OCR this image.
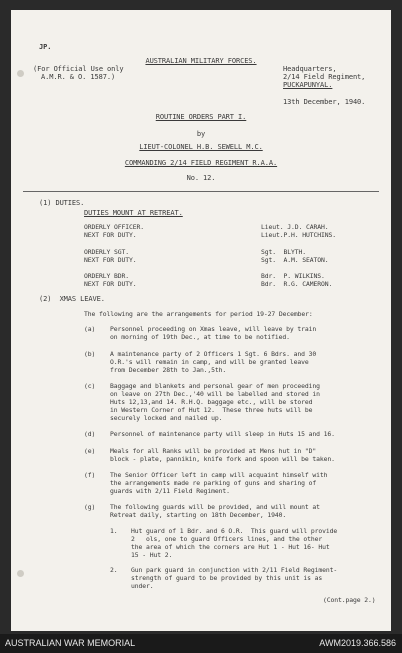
JP.
AUSTRALIAN MILITARY FORCES.
(For Official Use only
A.M.R. & O. 1587.)
Headquarters,
2/14 Field Regiment,
PUCKAPUNYAL.
13th December, 1940.
ROUTINE ORDERS PART I.
by
LIEUT-COLONEL H.B. SEWELL M.C.
COMMANDING 2/14 FIELD REGIMENT R.A.A.
No. 12.
(1) DUTIES.
DUTIES MOUNT AT RETREAT.
ORDERLY OFFICER.	Lieut. J.D. CARAH.
NEXT FOR DUTY.	Lieut.P.H. HUTCHINS.
ORDERLY SGT.	Sgt.  BLYTH.
NEXT FOR DUTY.	Sgt.  A.M. SEATON.
ORDERLY BDR.	Bdr.  P. WILKINS.
NEXT FOR DUTY.	Bdr.  R.G. CAMERON.
(2)  XMAS LEAVE.
The following are the arrangements for period 19-27 December:
(a) Personnel proceeding on Xmas leave, will leave by train
on morning of 19th Dec., at time to be notified.
(b) A maintenance party of 2 Officers 1 Sgt. 6 Bdrs. and 30
O.R.'s will remain in camp, and will be granted leave
from December 28th to Jan.,5th.
(c) Baggage and blankets and personal gear of men proceeding
on leave on 27th Dec.,'40 will be labelled and stored in
Huts 12,13,and 14. R.H.Q. baggage etc., will be stored
in Western Corner of Hut 12.  These three huts will be
securely locked and nailed up.
(d) Personnel of maintenance party will sleep in Huts 15 and 16.
(e) Meals for all Ranks will be provided at Mens hut in "D"
block - plate, pannikin, knife fork and spoon will be taken.
(f) The Senior Officer left in camp will acquaint himself with
the arrangements made re parking of guns and sharing of
guards with 2/11 Field Regiment.
(g) The following guards will be provided, and will mount at
Retreat daily, starting on 18th December, 1940.
1. Hut guard of 1 Bdr. and 6 O.R.  This guard will provide
2   ols, one to guard Officers lines, and the other
the area of which the corners are Hut 1 - Hut 16- Hut
15 - Hut 2.
2. Gun park guard in conjunction with 2/11 Field Regiment-
strength of guard to be provided by this unit is as
under.
(Cont.page 2.)
AUSTRALIAN WAR MEMORIAL	AWM2019.366.586
